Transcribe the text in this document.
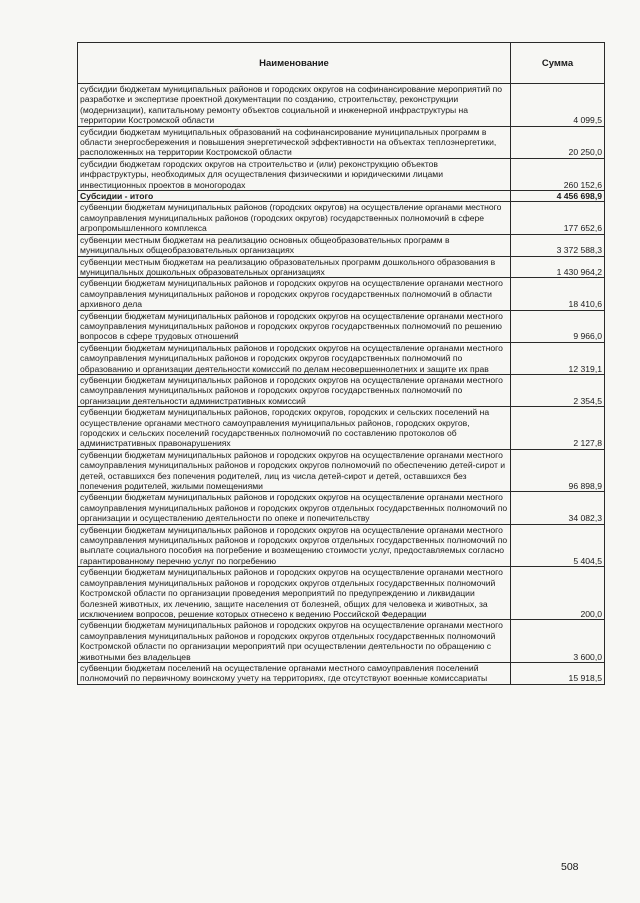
Наименование	Сумма
субсидии бюджетам муниципальных районов и городских округов на софинансирование мероприятий по разработке и экспертизе проектной документации по созданию, строительству, реконструкции (модернизации), капитальному ремонту объектов социальной и инженерной инфраструктуры на территории Костромской области	4 099,5
субсидии бюджетам муниципальных образований на софинансирование муниципальных программ в области энергосбережения и повышения энергетической эффективности на объектах теплоэнергетики, расположенных на территории Костромской области	20 250,0
субсидии бюджетам городских округов на строительство и (или) реконструкцию объектов инфраструктуры, необходимых для осуществления физическими и юридическими лицами инвестиционных проектов в моногородах	260 152,6
Субсидии - итого	4 456 698,9
субвенции бюджетам муниципальных районов (городских округов) на осуществление органами местного самоуправления муниципальных районов (городских округов) государственных полномочий в сфере агропромышленного комплекса	177 652,6
субвенции местным бюджетам на реализацию основных общеобразовательных программ в муниципальных общеобразовательных организациях	3 372 588,3
субвенции местным бюджетам на реализацию образовательных программ дошкольного образования в муниципальных дошкольных образовательных организациях	1 430 964,2
субвенции бюджетам муниципальных районов и городских округов на осуществление органами местного самоуправления муниципальных районов и городских округов государственных полномочий в области архивного дела	18 410,6
субвенции бюджетам муниципальных районов и городских округов на осуществление органами местного самоуправления муниципальных районов и городских округов государственных полномочий по решению вопросов в сфере трудовых отношений	9 966,0
субвенции бюджетам муниципальных районов и городских округов на осуществление органами местного самоуправления муниципальных районов и городских округов государственных полномочий по образованию и организации деятельности комиссий по делам несовершеннолетних и защите их прав	12 319,1
субвенции бюджетам муниципальных районов и городских округов на осуществление органами местного самоуправления муниципальных районов и городских округов государственных полномочий по организации деятельности административных комиссий	2 354,5
субвенции бюджетам муниципальных районов, городских округов, городских и сельских поселений на осуществление органами местного самоуправления муниципальных районов, городских округов, городских и сельских поселений государственных полномочий по составлению протоколов об административных правонарушениях	2 127,8
субвенции бюджетам муниципальных районов и городских округов на осуществление органами местного самоуправления муниципальных районов и городских округов полномочий по обеспечению детей-сирот и детей, оставшихся без попечения родителей, лиц из числа детей-сирот и детей, оставшихся без попечения родителей, жилыми помещениями	96 898,9
субвенции бюджетам муниципальных районов и городских округов на осуществление органами местного самоуправления муниципальных районов и городских округов отдельных государственных полномочий по организации и осуществлению деятельности по опеке и попечительству	34 082,3
субвенции бюджетам муниципальных районов и городских округов на осуществление органами местного самоуправления муниципальных районов и городских округов отдельных государственных полномочий по выплате социального пособия на погребение и возмещению стоимости услуг, предоставляемых согласно гарантированному перечню услуг по погребению	5 404,5
субвенции бюджетам муниципальных районов и городских округов на осуществление органами местного самоуправления муниципальных районов и городских округов отдельных государственных полномочий Костромской области по организации проведения мероприятий по предупреждению и ликвидации болезней животных, их лечению, защите населения от болезней, общих для человека и животных, за исключением вопросов, решение которых отнесено к ведению Российской Федерации	200,0
субвенции бюджетам муниципальных районов и городских округов на осуществление органами местного самоуправления муниципальных районов и городских округов отдельных государственных полномочий Костромской области по организации мероприятий при осуществлении деятельности по обращению с животными без владельцев	3 600,0
субвенции бюджетам поселений на осуществление органами местного самоуправления поселений полномочий по первичному воинскому учету на территориях, где отсутствуют военные комиссариаты	15 918,5
508
